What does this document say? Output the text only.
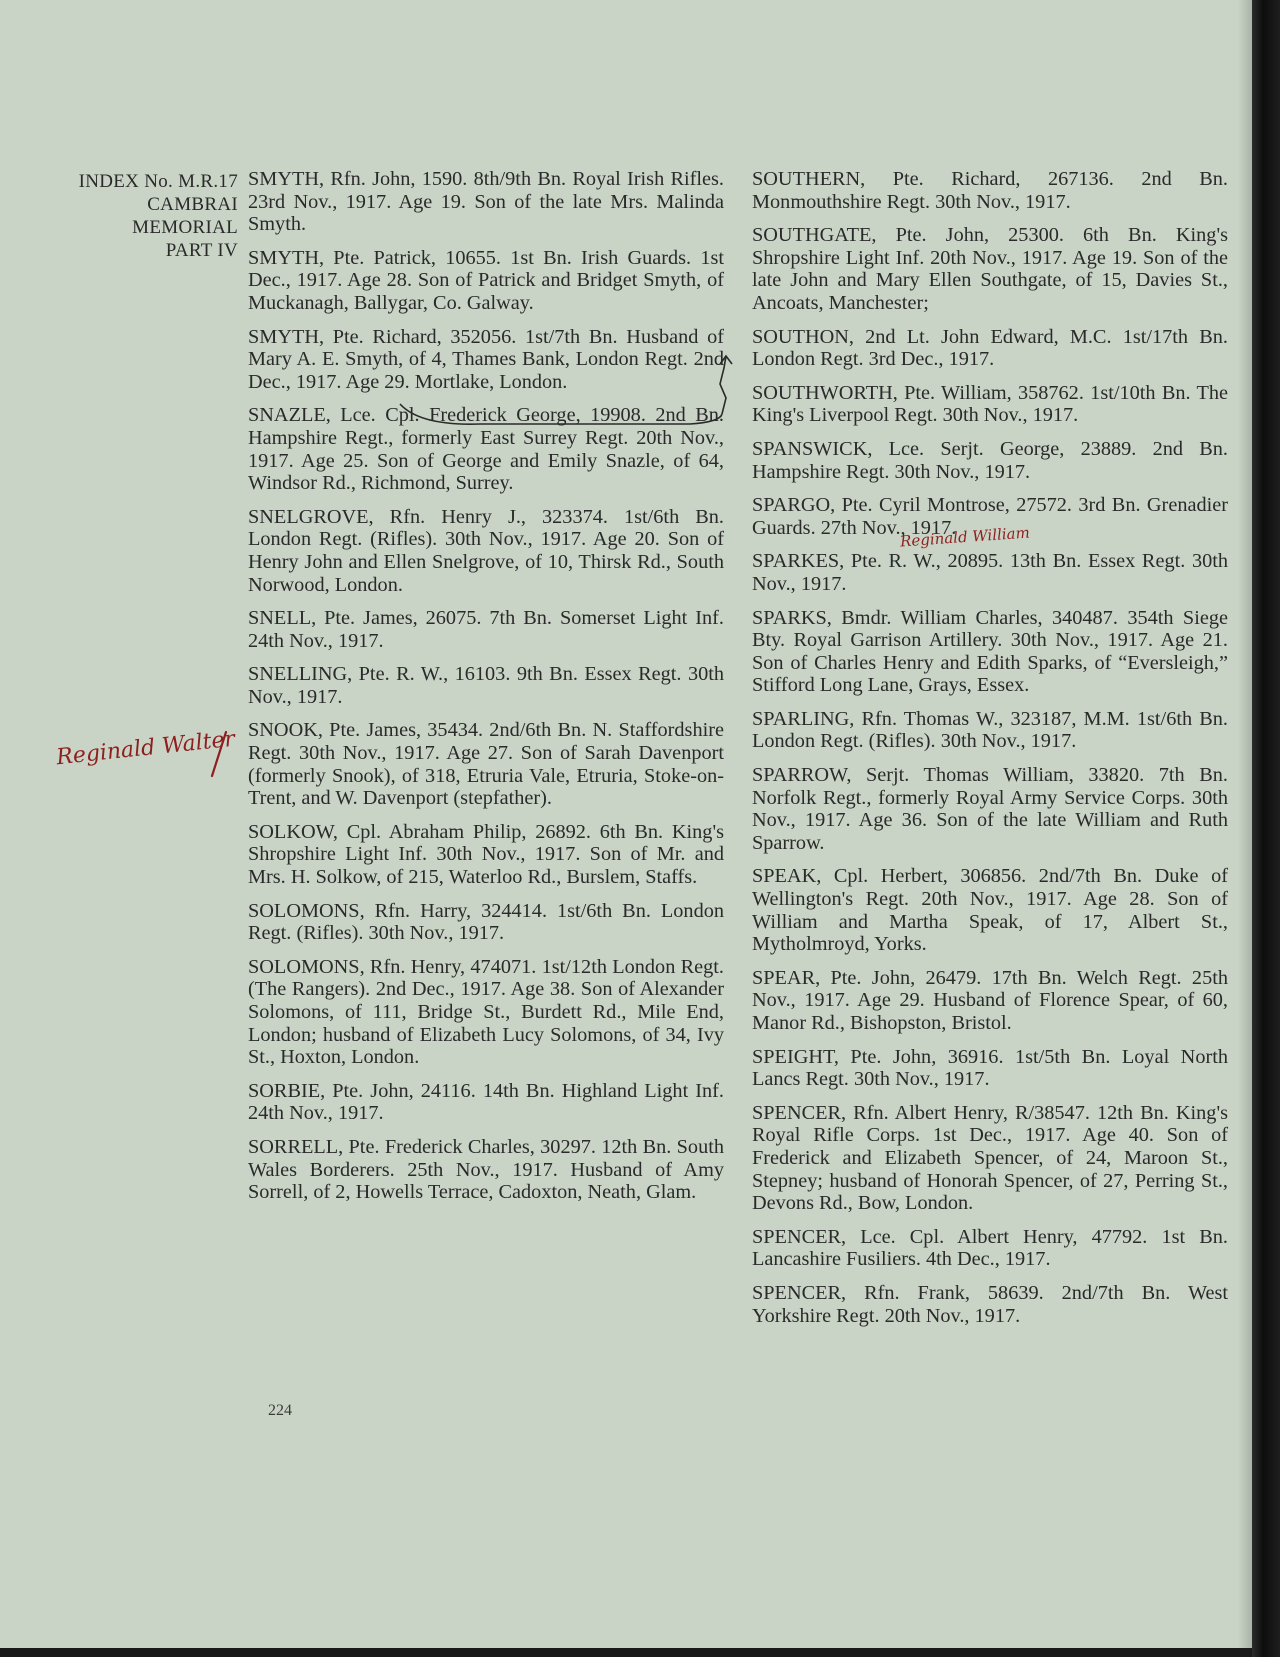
INDEX No. M.R.17
CAMBRAI
MEMORIAL
PART IV

SMYTH, Rfn. John, 1590. 8th/9th Bn. Royal Irish Rifles. 23rd Nov., 1917. Age 19. Son of the late Mrs. Malinda Smyth.

SMYTH, Pte. Patrick, 10655. 1st Bn. Irish Guards. 1st Dec., 1917. Age 28. Son of Patrick and Bridget Smyth, of Muckanagh, Ballygar, Co. Galway.

SMYTH, Pte. Richard, 352056. 1st/7th Bn. Husband of Mary A. E. Smyth, of 4, Thames Bank, London Regt. 2nd Dec., 1917. Age 29. Mortlake, London.

SNAZLE, Lce. Cpl. Frederick George, 19908. 2nd Bn. Hampshire Regt., formerly East Surrey Regt. 20th Nov., 1917. Age 25. Son of George and Emily Snazle, of 64, Windsor Rd., Richmond, Surrey.

SNELGROVE, Rfn. Henry J., 323374. 1st/6th Bn. London Regt. (Rifles). 30th Nov., 1917. Age 20. Son of Henry John and Ellen Snelgrove, of 10, Thirsk Rd., South Norwood, London.

SNELL, Pte. James, 26075. 7th Bn. Somerset Light Inf. 24th Nov., 1917.

SNELLING, Pte. R. W., 16103. 9th Bn. Essex Regt. 30th Nov., 1917.

SNOOK, Pte. James, 35434. 2nd/6th Bn. N. Staffordshire Regt. 30th Nov., 1917. Age 27. Son of Sarah Davenport (formerly Snook), of 318, Etruria Vale, Etruria, Stoke-on-Trent, and W. Davenport (stepfather).

SOLKOW, Cpl. Abraham Philip, 26892. 6th Bn. King's Shropshire Light Inf. 30th Nov., 1917. Son of Mr. and Mrs. H. Solkow, of 215, Waterloo Rd., Burslem, Staffs.

SOLOMONS, Rfn. Harry, 324414. 1st/6th Bn. London Regt. (Rifles). 30th Nov., 1917.

SOLOMONS, Rfn. Henry, 474071. 1st/12th London Regt. (The Rangers). 2nd Dec., 1917. Age 38. Son of Alexander Solomons, of 111, Bridge St., Burdett Rd., Mile End, London; husband of Elizabeth Lucy Solomons, of 34, Ivy St., Hoxton, London.

SORBIE, Pte. John, 24116. 14th Bn. Highland Light Inf. 24th Nov., 1917.

SORRELL, Pte. Frederick Charles, 30297. 12th Bn. South Wales Borderers. 25th Nov., 1917. Husband of Amy Sorrell, of 2, Howells Terrace, Cadoxton, Neath, Glam.

SOUTHERN, Pte. Richard, 267136. 2nd Bn. Monmouthshire Regt. 30th Nov., 1917.

SOUTHGATE, Pte. John, 25300. 6th Bn. King's Shropshire Light Inf. 20th Nov., 1917. Age 19. Son of the late John and Mary Ellen Southgate, of 15, Davies St., Ancoats, Manchester;

SOUTHON, 2nd Lt. John Edward, M.C. 1st/17th Bn. London Regt. 3rd Dec., 1917.

SOUTHWORTH, Pte. William, 358762. 1st/10th Bn. The King's Liverpool Regt. 30th Nov., 1917.

SPANSWICK, Lce. Serjt. George, 23889. 2nd Bn. Hampshire Regt. 30th Nov., 1917.

SPARGO, Pte. Cyril Montrose, 27572. 3rd Bn. Grenadier Guards. 27th Nov., 1917.

SPARKES, Pte. R. W., 20895. 13th Bn. Essex Regt. 30th Nov., 1917.

SPARKS, Bmdr. William Charles, 340487. 354th Siege Bty. Royal Garrison Artillery. 30th Nov., 1917. Age 21. Son of Charles Henry and Edith Sparks, of “Eversleigh,” Stifford Long Lane, Grays, Essex.

SPARLING, Rfn. Thomas W., 323187, M.M. 1st/6th Bn. London Regt. (Rifles). 30th Nov., 1917.

SPARROW, Serjt. Thomas William, 33820. 7th Bn. Norfolk Regt., formerly Royal Army Service Corps. 30th Nov., 1917. Age 36. Son of the late William and Ruth Sparrow.

SPEAK, Cpl. Herbert, 306856. 2nd/7th Bn. Duke of Wellington's Regt. 20th Nov., 1917. Age 28. Son of William and Martha Speak, of 17, Albert St., Mytholmroyd, Yorks.

SPEAR, Pte. John, 26479. 17th Bn. Welch Regt. 25th Nov., 1917. Age 29. Husband of Florence Spear, of 60, Manor Rd., Bishopston, Bristol.

SPEIGHT, Pte. John, 36916. 1st/5th Bn. Loyal North Lancs Regt. 30th Nov., 1917.

SPENCER, Rfn. Albert Henry, R/38547. 12th Bn. King's Royal Rifle Corps. 1st Dec., 1917. Age 40. Son of Frederick and Elizabeth Spencer, of 24, Maroon St., Stepney; husband of Honorah Spencer, of 27, Perring St., Devons Rd., Bow, London.

SPENCER, Lce. Cpl. Albert Henry, 47792. 1st Bn. Lancashire Fusiliers. 4th Dec., 1917.

SPENCER, Rfn. Frank, 58639. 2nd/7th Bn. West Yorkshire Regt. 20th Nov., 1917.

224
Reginald Walter
Reginald William
